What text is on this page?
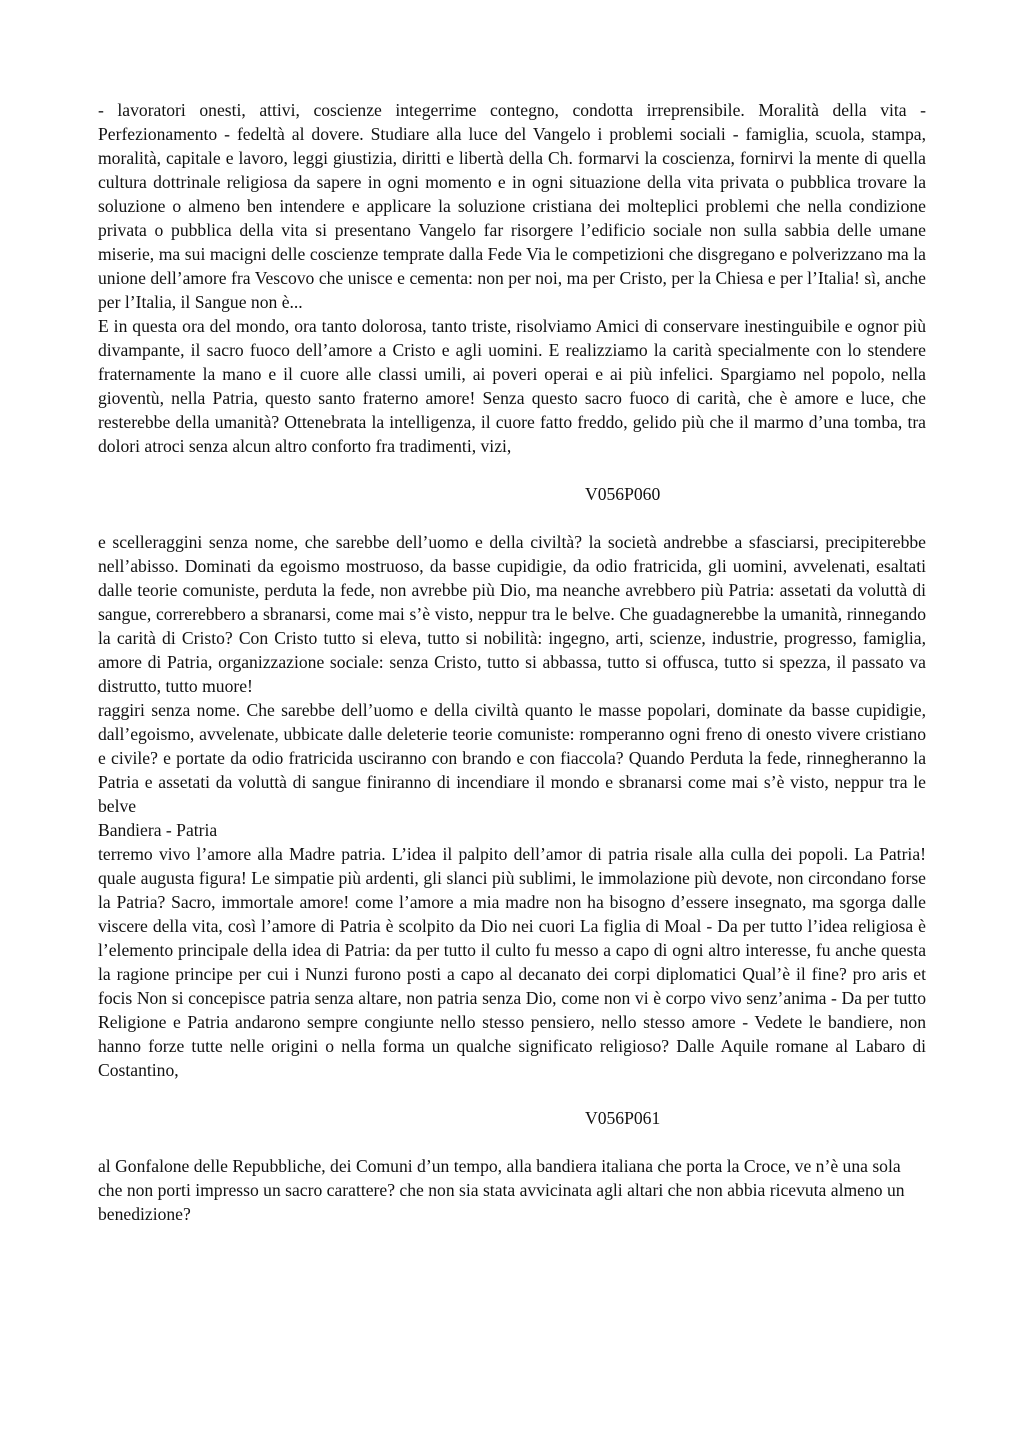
- lavoratori onesti, attivi, coscienze integerrime contegno, condotta irreprensibile. Moralità della vita - Perfezionamento - fedeltà al dovere. Studiare alla luce del Vangelo i problemi sociali - famiglia, scuola, stampa, moralità, capitale e lavoro, leggi giustizia, diritti e libertà della Ch. formarvi la coscienza, fornirvi la mente di quella cultura dottrinale religiosa da sapere in ogni momento e in ogni situazione della vita privata o pubblica trovare la soluzione o almeno ben intendere e applicare la soluzione cristiana dei molteplici problemi che nella condizione privata o pubblica della vita si presentano Vangelo far risorgere l’edificio sociale non sulla sabbia delle umane miserie, ma sui macigni delle coscienze temprate dalla Fede Via le competizioni che disgregano e polverizzano ma la unione dell’amore fra Vescovo che unisce e cementa: non per noi, ma per Cristo, per la Chiesa e per l’Italia! sì, anche per l’Italia, il Sangue non è...

E in questa ora del mondo, ora tanto dolorosa, tanto triste, risolviamo Amici di conservare inestinguibile e ognor più divampante, il sacro fuoco dell’amore a Cristo e agli uomini. E realizziamo la carità specialmente con lo stendere fraternamente la mano e il cuore alle classi umili, ai poveri operai e ai più infelici. Spargiamo nel popolo, nella gioventù, nella Patria, questo santo fraterno amore! Senza questo sacro fuoco di carità, che è amore e luce, che resterebbe della umanità? Ottenebrata la intelligenza, il cuore fatto freddo, gelido più che il marmo d’una tomba, tra dolori atroci senza alcun altro conforto fra tradimenti, vizi,

V056P060

e scelleraggini senza nome, che sarebbe dell’uomo e della civiltà? la società andrebbe a sfasciarsi, precipiterebbe nell’abisso. Dominati da egoismo mostruoso, da basse cupidigie, da odio fratricida, gli uomini, avvelenati, esaltati dalle teorie comuniste, perduta la fede, non avrebbe più Dio, ma neanche avrebbero più Patria: assetati da voluttà di sangue, correrebbero a sbranarsi, come mai s’è visto, neppur tra le belve. Che guadagnerebbe la umanità, rinnegando la carità di Cristo? Con Cristo tutto si eleva, tutto si nobilità: ingegno, arti, scienze, industrie, progresso, famiglia, amore di Patria, organizzazione sociale: senza Cristo, tutto si abbassa, tutto si offusca, tutto si spezza, il passato va distrutto, tutto muore!

raggiri senza nome. Che sarebbe dell’uomo e della civiltà quanto le masse popolari, dominate da basse cupidigie, dall’egoismo, avvelenate, ubbicate dalle deleterie teorie comuniste: romperanno ogni freno di onesto vivere cristiano e civile? e portate da odio fratricida usciranno con brando e con fiaccola? Quando Perduta la fede, rinnegheranno la Patria e assetati da voluttà di sangue finiranno di incendiare il mondo e sbranarsi come mai s’è visto, neppur tra le belve

Bandiera - Patria

terremo vivo l’amore alla Madre patria. L’idea il palpito dell’amor di patria risale alla culla dei popoli. La Patria! quale augusta figura! Le simpatie più ardenti, gli slanci più sublimi, le immolazione più devote, non circondano forse la Patria? Sacro, immortale amore! come l’amore a mia madre non ha bisogno d’essere insegnato, ma sgorga dalle viscere della vita, così l’amore di Patria è scolpito da Dio nei cuori La figlia di Moal - Da per tutto l’idea religiosa è l’elemento principale della idea di Patria: da per tutto il culto fu messo a capo di ogni altro interesse, fu anche questa la ragione principe per cui i Nunzi furono posti a capo al decanato dei corpi diplomatici Qual’è il fine? pro aris et focis Non si concepisce patria senza altare, non patria senza Dio, come non vi è corpo vivo senz’anima - Da per tutto Religione e Patria andarono sempre congiunte nello stesso pensiero, nello stesso amore - Vedete le bandiere, non hanno forze tutte nelle origini o nella forma un qualche significato religioso? Dalle Aquile romane al Labaro di Costantino,

V056P061

al Gonfalone delle Repubbliche, dei Comuni d’un tempo, alla bandiera italiana che porta la Croce, ve n’è una sola che non porti impresso un sacro carattere? che non sia stata avvicinata agli altari che non abbia ricevuta almeno un benedizione?
